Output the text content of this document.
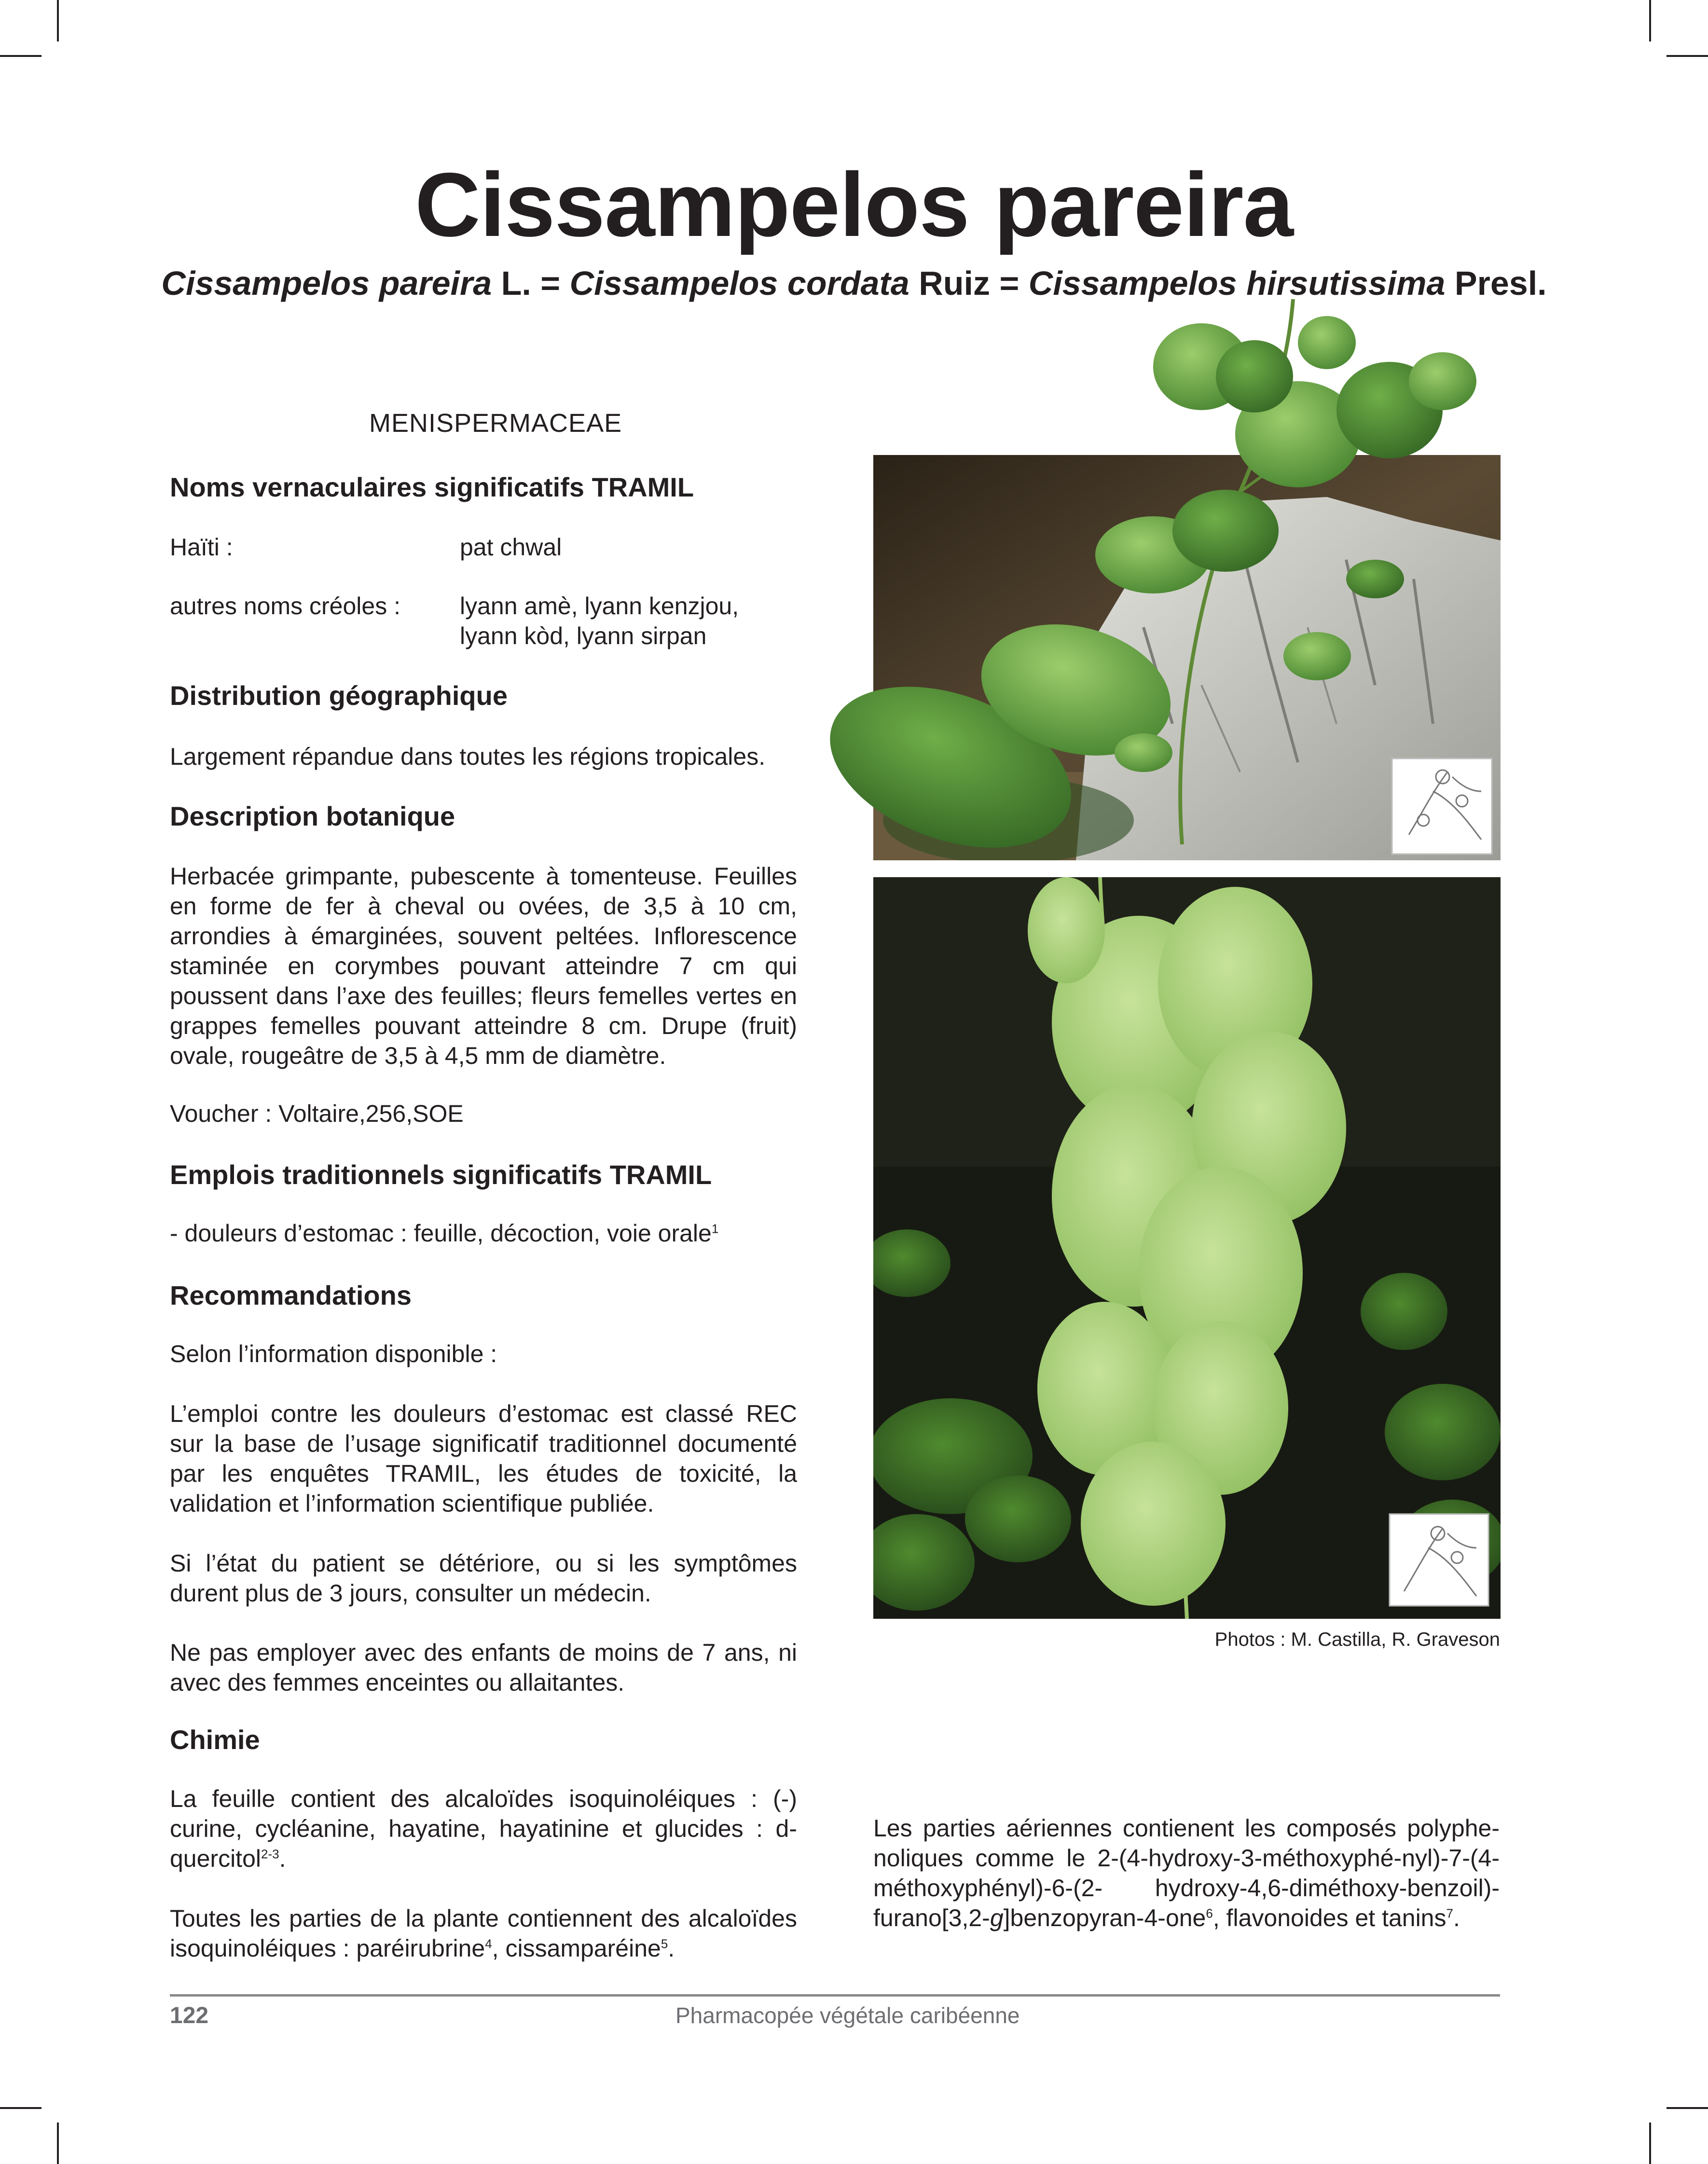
Cissampelos pareira
Cissampelos pareira L. = Cissampelos cordata Ruiz = Cissampelos hirsutissima Presl.
MENISPERMACEAE
Noms vernaculaires significatifs TRAMIL
Haïti :	pat chwal
autres noms créoles : lyann amè, lyann kenzjou,
lyann kòd, lyann sirpan
Distribution géographique
Largement répandue dans toutes les régions tropicales.
Description botanique
Herbacée grimpante, pubescente à tomenteuse. Feuilles en forme de fer à cheval ou ovées, de 3,5 à 10 cm, arrondies à émarginées, souvent peltées. Inflorescence staminée en corymbes pouvant atteindre 7 cm qui poussent dans l’axe des feuilles; fleurs femelles vertes en grappes femelles pouvant atteindre 8 cm. Drupe (fruit) ovale, rougeâtre de 3,5 à 4,5 mm de diamètre.
Voucher : Voltaire,256,SOE
Emplois traditionnels significatifs TRAMIL
- douleurs d’estomac : feuille, décoction, voie orale$^1$
Recommandations
Selon l’information disponible :
L’emploi contre les douleurs d’estomac est classé REC sur la base de l’usage significatif traditionnel documenté par les enquêtes TRAMIL, les études de toxicité, la validation et l’information scientifique publiée.
Si l’état du patient se détériore, ou si les symptômes durent plus de 3 jours, consulter un médecin.
Ne pas employer avec des enfants de moins de 7 ans, ni avec des femmes enceintes ou allaitantes.
Chimie
La feuille contient des alcaloïdes isoquinoléiques : (-) curine, cycléanine, hayatine, hayatinine et glucides : d-quercitol$^{2-3}$.
Toutes les parties de la plante contiennent des alcaloïdes isoquinoléiques : paréirubrine$^4$, cissamparéine$^5$.
Les parties aériennes contienent les composés polyphe-noliques comme le 2-(4-hydroxy-3-méthoxyphé-nyl)-7-(4-méthoxyphényl)-6-(2- hydroxy-4,6-diméthoxy-benzoil)-furano[3,2-g]benzopyran-4-one$^6$, flavonoides et tanins$^7$.
Photos : M. Castilla, R. Graveson
122	Pharmacopée végétale caribéenne
